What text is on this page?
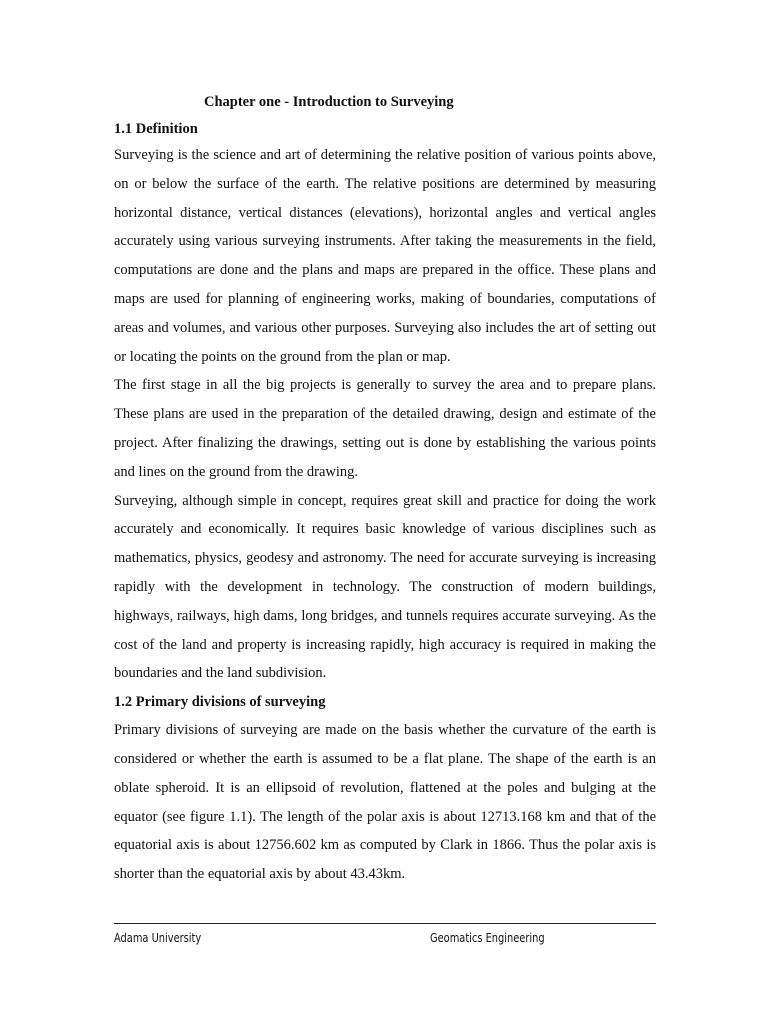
Chapter one - Introduction to Surveying
1.1 Definition

Surveying is the science and art of determining the relative position of various points above, on or below the surface of the earth. The relative positions are determined by measuring horizontal distance, vertical distances (elevations), horizontal angles and vertical angles accurately using various surveying instruments. After taking the measurements in the field, computations are done and the plans and maps are prepared in the office. These plans and maps are used for planning of engineering works, making of boundaries, computations of areas and volumes, and various other purposes. Surveying also includes the art of setting out or locating the points on the ground from the plan or map.

The first stage in all the big projects is generally to survey the area and to prepare plans. These plans are used in the preparation of the detailed drawing, design and estimate of the project. After finalizing the drawings, setting out is done by establishing the various points and lines on the ground from the drawing.

Surveying, although simple in concept, requires great skill and practice for doing the work accurately and economically. It requires basic knowledge of various disciplines such as mathematics, physics, geodesy and astronomy. The need for accurate surveying is increasing rapidly with the development in technology. The construction of modern buildings, highways, railways, high dams, long bridges, and tunnels requires accurate surveying. As the cost of the land and property is increasing rapidly, high accuracy is required in making the boundaries and the land subdivision.

1.2 Primary divisions of surveying

Primary divisions of surveying are made on the basis whether the curvature of the earth is considered or whether the earth is assumed to be a flat plane. The shape of the earth is an oblate spheroid. It is an ellipsoid of revolution, flattened at the poles and bulging at the equator (see figure 1.1). The length of the polar axis is about 12713.168 km and that of the equatorial axis is about 12756.602 km as computed by Clark in 1866. Thus the polar axis is shorter than the equatorial axis by about 43.43km.

Adama University	Geomatics Engineering
